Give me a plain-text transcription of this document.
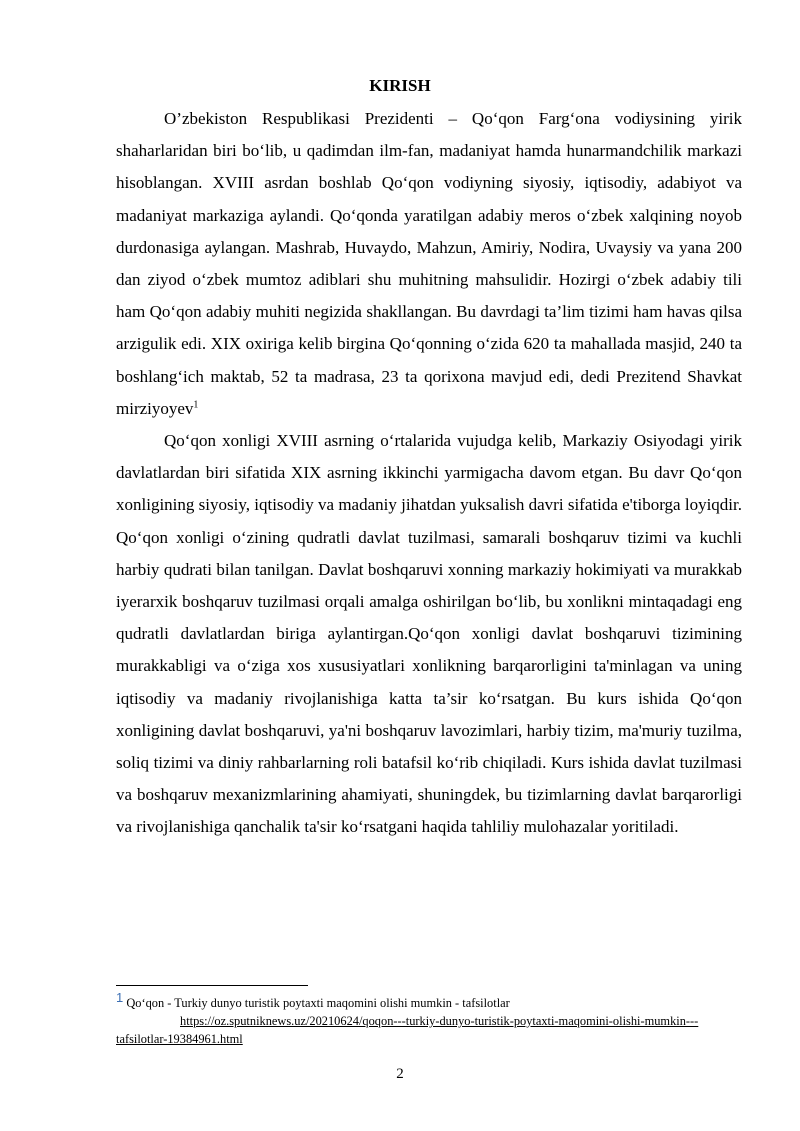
KIRISH

O’zbekiston Respublikasi Prezidenti – Qo‘qon Farg‘ona vodiysining yirik shaharlaridan biri bo‘lib, u qadimdan ilm-fan, madaniyat hamda hunarmandchilik markazi hisoblangan. XVIII asrdan boshlab Qo‘qon vodiyning siyosiy, iqtisodiy, adabiyot va madaniyat markaziga aylandi. Qo‘qonda yaratilgan adabiy meros o‘zbek xalqining noyob durdonasiga aylangan. Mashrab, Huvaydo, Mahzun, Amiriy, Nodira, Uvaysiy va yana 200 dan ziyod o‘zbek mumtoz adiblari shu muhitning mahsulidir. Hozirgi o‘zbek adabiy tili ham Qo‘qon adabiy muhiti negizida shakllangan. Bu davrdagi ta’lim tizimi ham havas qilsa arzigulik edi. XIX oxiriga kelib birgina Qo‘qonning o‘zida 620 ta mahallada masjid, 240 ta boshlang‘ich maktab, 52 ta madrasa, 23 ta qorixona mavjud edi, dedi Prezitend Shavkat mirziyoyev$^1$

Qo‘qon xonligi XVIII asrning o‘rtalarida vujudga kelib, Markaziy Osiyodagi yirik davlatlardan biri sifatida XIX asrning ikkinchi yarmigacha davom etgan. Bu davr Qo‘qon xonligining siyosiy, iqtisodiy va madaniy jihatdan yuksalish davri sifatida e'tiborga loyiqdir. Qo‘qon xonligi o‘zining qudratli davlat tuzilmasi, samarali boshqaruv tizimi va kuchli harbiy qudrati bilan tanilgan. Davlat boshqaruvi xonning markaziy hokimiyati va murakkab iyerarxik boshqaruv tuzilmasi orqali amalga oshirilgan bo‘lib, bu xonlikni mintaqadagi eng qudratli davlatlardan biriga aylantirgan.Qo‘qon xonligi davlat boshqaruvi tizimining murakkabligi va o‘ziga xos xususiyatlari xonlikning barqarorligini ta'minlagan va uning iqtisodiy va madaniy rivojlanishiga katta ta’sir ko‘rsatgan. Bu kurs ishida Qo‘qon xonligining davlat boshqaruvi, ya'ni boshqaruv lavozimlari, harbiy tizim, ma'muriy tuzilma, soliq tizimi va diniy rahbarlarning roli batafsil ko‘rib chiqiladi. Kurs ishida davlat tuzilmasi va boshqaruv mexanizmlarining ahamiyati, shuningdek, bu tizimlarning davlat barqarorligi va rivojlanishiga qanchalik ta'sir ko‘rsatgani haqida tahliliy mulohazalar yoritiladi.

1 Qo‘qon - Turkiy dunyo turistik poytaxti maqomini olishi mumkin - tafsilotlar
https://oz.sputniknews.uz/20210624/qoqon---turkiy-dunyo-turistik-poytaxti-maqomini-olishi-mumkin---tafsilotlar-19384961.html
2
